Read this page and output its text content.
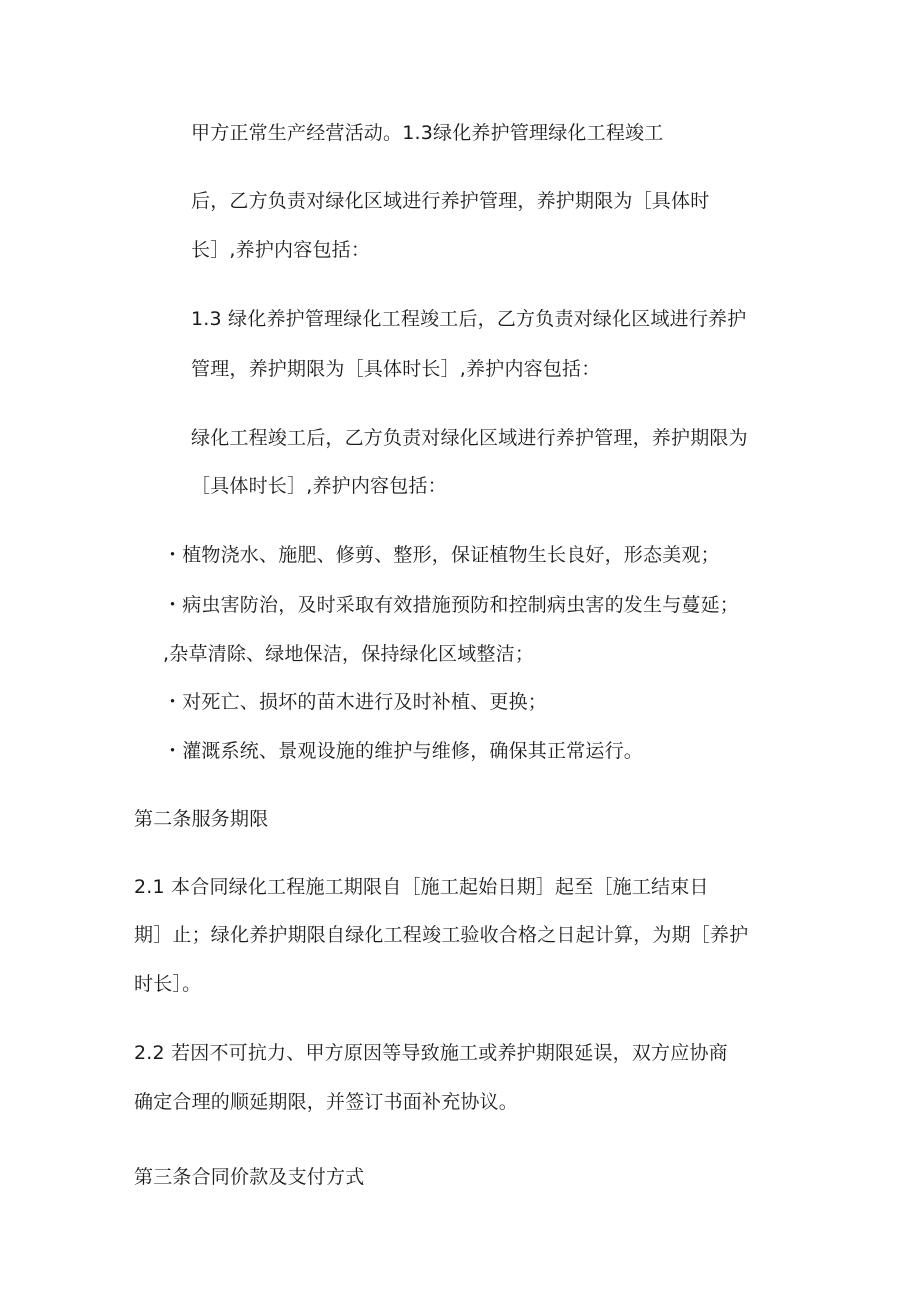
甲方正常生产经营活动。1.3绿化养护管理绿化工程竣工
后，乙方负责对绿化区域进行养护管理，养护期限为［具体时
长］,养护内容包括：
1.3 绿化养护管理绿化工程竣工后，乙方负责对绿化区域进行养护
管理，养护期限为［具体时长］,养护内容包括：
绿化工程竣工后，乙方负责对绿化区域进行养护管理，养护期限为
［具体时长］,养护内容包括：
・植物浇水、施肥、修剪、整形，保证植物生长良好，形态美观；
・病虫害防治，及时采取有效措施预防和控制病虫害的发生与蔓延；
,杂草清除、绿地保洁，保持绿化区域整洁；
・对死亡、损坏的苗木进行及时补植、更换；
・灌溉系统、景观设施的维护与维修，确保其正常运行。
第二条服务期限
2.1 本合同绿化工程施工期限自［施工起始日期］起至［施工结束日
期］止；绿化养护期限自绿化工程竣工验收合格之日起计算，为期［养护
时长］。
2.2 若因不可抗力、甲方原因等导致施工或养护期限延误，双方应协商
确定合理的顺延期限，并签订书面补充协议。
第三条合同价款及支付方式
